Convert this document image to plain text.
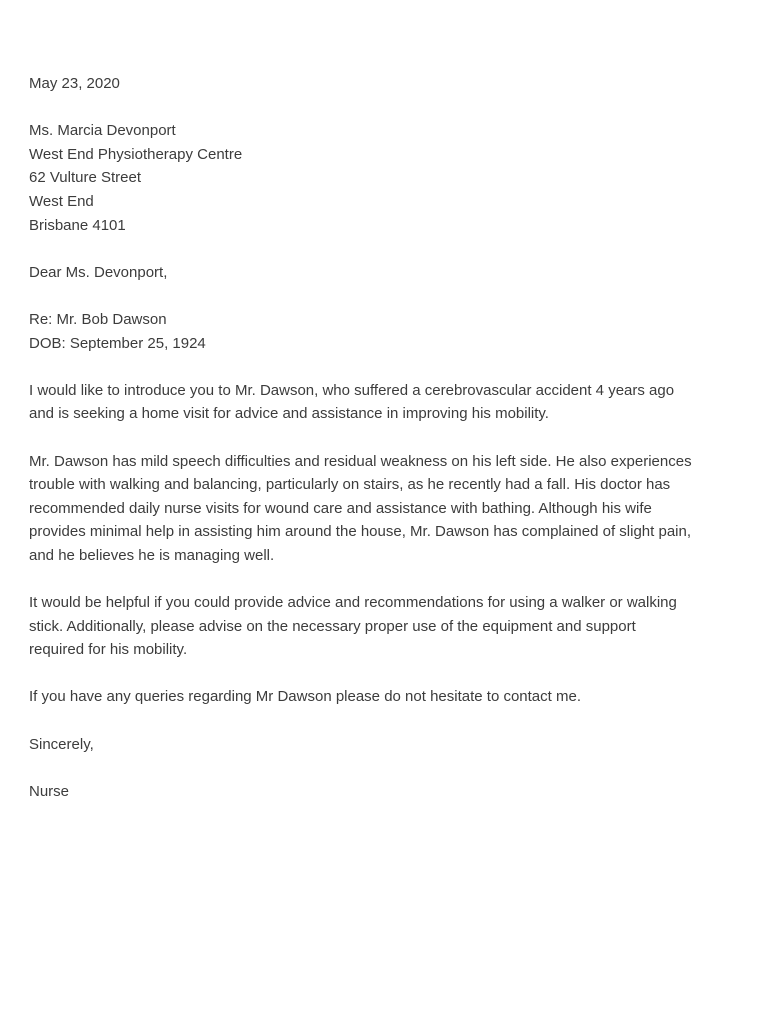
May 23, 2020
Ms. Marcia Devonport
West End Physiotherapy Centre
62 Vulture Street
West End
Brisbane 4101
Dear Ms. Devonport,
Re: Mr. Bob Dawson
DOB: September 25, 1924

I would like to introduce you to Mr. Dawson, who suffered a cerebrovascular accident 4 years ago
and is seeking a home visit for advice and assistance in improving his mobility.

Mr. Dawson has mild speech difficulties and residual weakness on his left side. He also experiences
trouble with walking and balancing, particularly on stairs, as he recently had a fall. His doctor has
recommended daily nurse visits for wound care and assistance with bathing. Although his wife
provides minimal help in assisting him around the house, Mr. Dawson has complained of slight pain,
and he believes he is managing well.

It would be helpful if you could provide advice and recommendations for using a walker or walking
stick. Additionally, please advise on the necessary proper use of the equipment and support
required for his mobility.

If you have any queries regarding Mr Dawson please do not hesitate to contact me.

Sincerely,
Nurse
